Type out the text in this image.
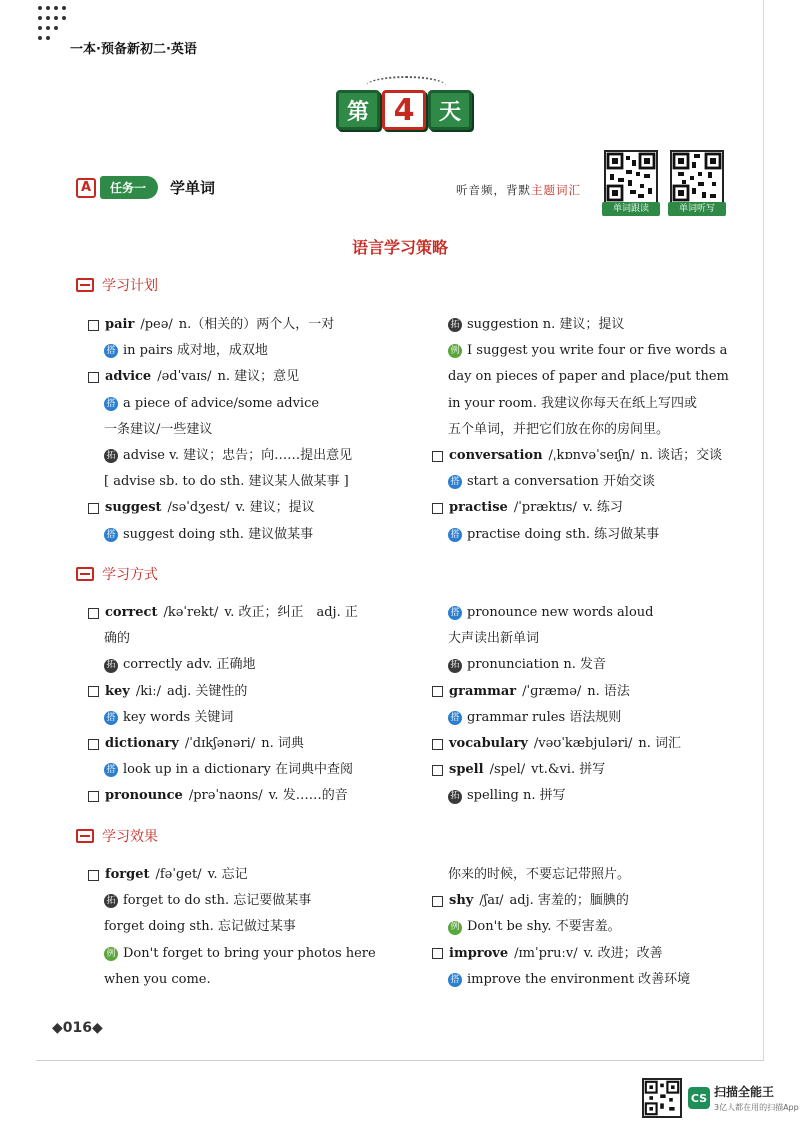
一本·预备新初二·英语
第 4 天
A	任务一	学单词	听音频，背默主题词汇
单词跟读	单词听写
语言学习策略
学习计划
pair /peə/ n.（相关的）两个人，一对
搭 in pairs 成对地，成双地
advice /ədˈvaɪs/ n. 建议；意见
搭 a piece of advice/some advice
一条建议/一些建议
拓 advise v. 建议；忠告；向……提出意见
[ advise sb. to do sth. 建议某人做某事 ]
suggest /səˈdʒest/ v. 建议；提议
搭 suggest doing sth. 建议做某事
拓 suggestion n. 建议；提议
例 I suggest you write four or five words a
day on pieces of paper and place/put them
in your room. 我建议你每天在纸上写四或
五个单词，并把它们放在你的房间里。
conversation /ˌkɒnvəˈseɪʃn/ n. 谈话；交谈
搭 start a conversation 开始交谈
practise /ˈpræktɪs/ v. 练习
搭 practise doing sth. 练习做某事
学习方式
correct /kəˈrekt/ v. 改正；纠正　adj. 正
确的
拓 correctly adv. 正确地
key /kiː/ adj. 关键性的
搭 key words 关键词
dictionary /ˈdɪkʃənəri/ n. 词典
搭 look up in a dictionary 在词典中查阅
pronounce /prəˈnaʊns/ v. 发……的音
搭 pronounce new words aloud
大声读出新单词
拓 pronunciation n. 发音
grammar /ˈɡræmə/ n. 语法
搭 grammar rules 语法规则
vocabulary /vəʊˈkæbjuləri/ n. 词汇
spell /spel/ vt.&vi. 拼写
拓 spelling n. 拼写
学习效果
forget /fəˈɡet/ v. 忘记
拓 forget to do sth. 忘记要做某事
forget doing sth. 忘记做过某事
例 Don't forget to bring your photos here
when you come.
你来的时候，不要忘记带照片。
shy /ʃaɪ/ adj. 害羞的；腼腆的
例 Don't be shy. 不要害羞。
improve /ɪmˈpruːv/ v. 改进；改善
搭 improve the environment 改善环境
◆016◆
CS 扫描全能王
3亿人都在用的扫描App
